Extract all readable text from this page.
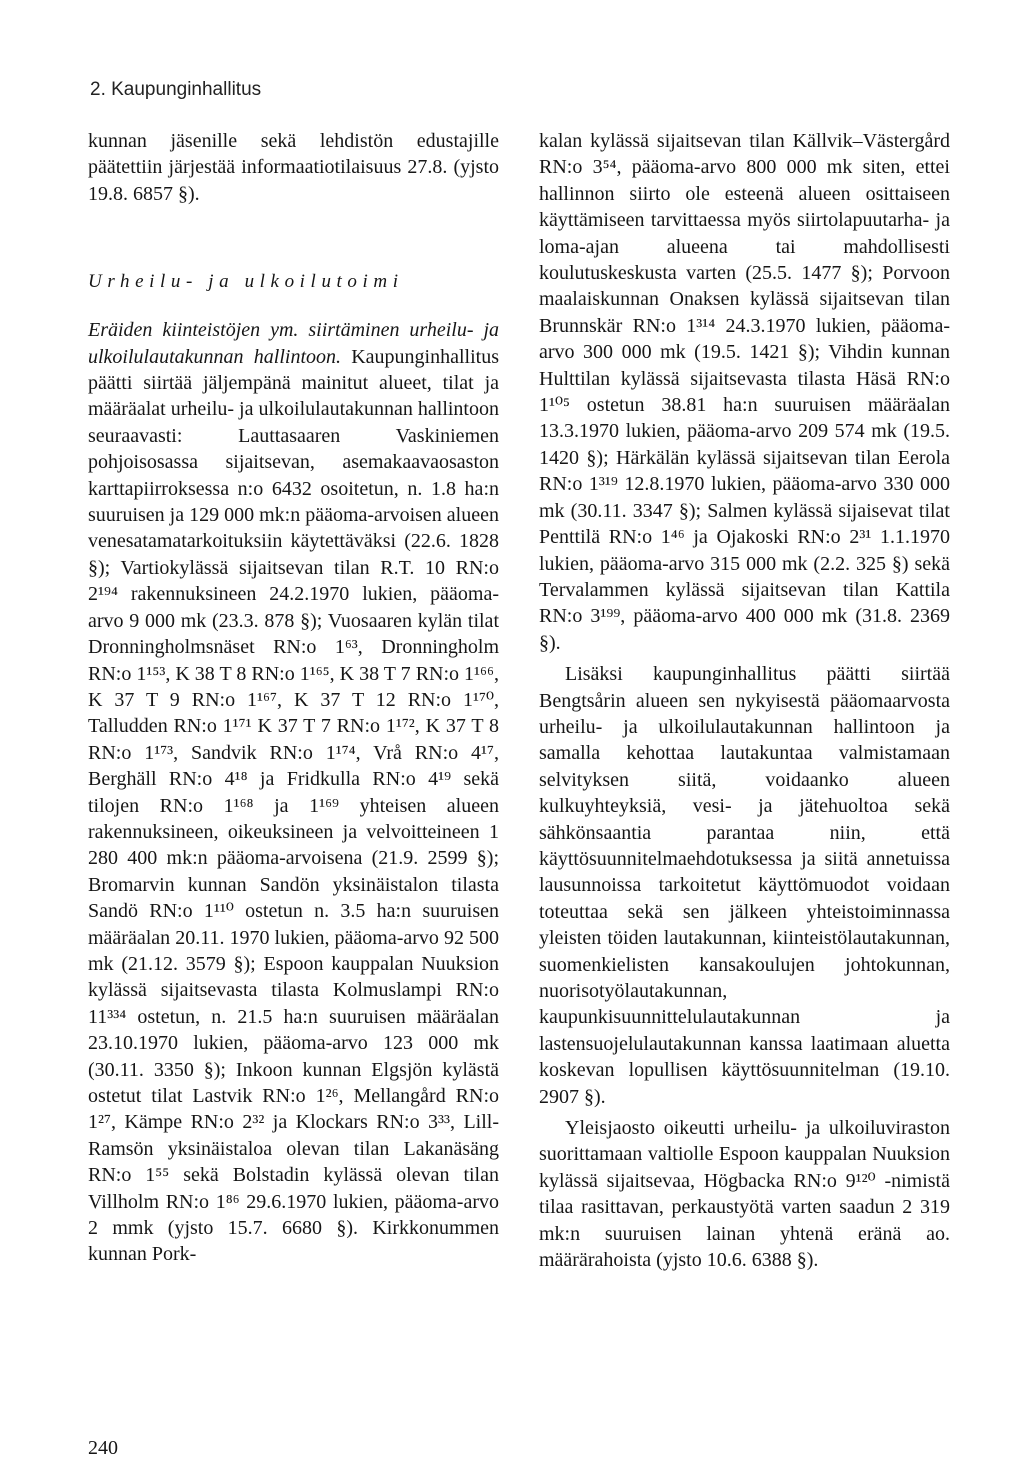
2. Kaupunginhallitus

kunnan jäsenille sekä lehdistön edustajille päätettiin järjestää informaatiotilaisuus 27.8. (yjsto 19.8. 6857 §).

Urheilu- ja ulkoilutoimi

Eräiden kiinteistöjen ym. siirtäminen urheilu- ja ulkoilulautakunnan hallintoon. Kaupunginhallitus päätti siirtää jäljempänä mainitut alueet, tilat ja määräalat urheilu- ja ulkoilulautakunnan hallintoon seuraavasti: Lauttasaaren Vaskiniemen pohjoisosassa sijaitsevan, asemakaavaosaston karttapiirroksessa n:o 6432 osoitetun, n. 1.8 ha:n suuruisen ja 129 000 mk:n pääoma-arvoisen alueen venesatamatarkoituksiin käytettäväksi (22.6. 1828 §); Vartiokylässä sijaitsevan tilan R.T. 10 RN:o 2¹⁹⁴ rakennuksineen 24.2.1970 lukien, pääoma-arvo 9 000 mk (23.3. 878 §); Vuosaaren kylän tilat Dronningholmsnäset RN:o 1⁶³, Dronningholm RN:o 1¹⁵³, K 38 T 8 RN:o 1¹⁶⁵, K 38 T 7 RN:o 1¹⁶⁶, K 37 T 9 RN:o 1¹⁶⁷, K 37 T 12 RN:o 1¹⁷⁰, Talludden RN:o 1¹⁷¹ K 37 T 7 RN:o 1¹⁷², K 37 T 8 RN:o 1¹⁷³, Sandvik RN:o 1¹⁷⁴, Vrå RN:o 4¹⁷, Berghäll RN:o 4¹⁸ ja Fridkulla RN:o 4¹⁹ sekä tilojen RN:o 1¹⁶⁸ ja 1¹⁶⁹ yhteisen alueen rakennuksineen, oikeuksineen ja velvoitteineen 1 280 400 mk:n pääoma-arvoisena (21.9. 2599 §); Bromarvin kunnan Sandön yksinäistalon tilasta Sandö RN:o 1¹¹⁰ ostetun n. 3.5 ha:n suuruisen määräalan 20.11. 1970 lukien, pääoma-arvo 92 500 mk (21.12. 3579 §); Espoon kauppalan Nuuksion kylässä sijaitsevasta tilasta Kolmuslampi RN:o 11³³⁴ ostetun, n. 21.5 ha:n suuruisen määräalan 23.10.1970 lukien, pääoma-arvo 123 000 mk (30.11. 3350 §); Inkoon kunnan Elgsjön kylästä ostetut tilat Lastvik RN:o 1²⁶, Mellangård RN:o 1²⁷, Kämpe RN:o 2³² ja Klockars RN:o 3³³, Lill-Ramsön yksinäistaloa olevan tilan Lakanäsäng RN:o 1⁵⁵ sekä Bolstadin kylässä olevan tilan Villholm RN:o 1⁸⁶ 29.6.1970 lukien, pääoma-arvo 2 mmk (yjsto 15.7. 6680 §). Kirkkonummen kunnan Pork-

kalan kylässä sijaitsevan tilan Källvik–Västergård RN:o 3⁵⁴, pääoma-arvo 800 000 mk siten, ettei hallinnon siirto ole esteenä alueen osittaiseen käyttämiseen tarvittaessa myös siirtolapuutarha- ja loma-ajan alueena tai mahdollisesti koulutuskeskusta varten (25.5. 1477 §); Porvoon maalaiskunnan Onaksen kylässä sijaitsevan tilan Brunnskär RN:o 1³¹⁴ 24.3.1970 lukien, pääoma-arvo 300 000 mk (19.5. 1421 §); Vihdin kunnan Hulttilan kylässä sijaitsevasta tilasta Häsä RN:o 1¹⁰⁵ ostetun 38.81 ha:n suuruisen määräalan 13.3.1970 lukien, pääoma-arvo 209 574 mk (19.5. 1420 §); Härkälän kylässä sijaitsevan tilan Eerola RN:o 1³¹⁹ 12.8.1970 lukien, pääoma-arvo 330 000 mk (30.11. 3347 §); Salmen kylässä sijaisevat tilat Penttilä RN:o 1⁴⁶ ja Ojakoski RN:o 2³¹ 1.1.1970 lukien, pääoma-arvo 315 000 mk (2.2. 325 §) sekä Tervalammen kylässä sijaitsevan tilan Kattila RN:o 3¹⁹⁹, pääoma-arvo 400 000 mk (31.8. 2369 §).

Lisäksi kaupunginhallitus päätti siirtää Bengtsårin alueen sen nykyisestä pääomaarvosta urheilu- ja ulkoilulautakunnan hallintoon ja samalla kehottaa lautakuntaa valmistamaan selvityksen siitä, voidaanko alueen kulkuyhteyksiä, vesi- ja jätehuoltoa sekä sähkönsaantia parantaa niin, että käyttösuunnitelmaehdotuksessa ja siitä annetuissa lausunnoissa tarkoitetut käyttömuodot voidaan toteuttaa sekä sen jälkeen yhteistoiminnassa yleisten töiden lautakunnan, kiinteistölautakunnan, suomenkielisten kansakoulujen johtokunnan, nuorisotyölautakunnan, kaupunkisuunnittelulautakunnan ja lastensuojelulautakunnan kanssa laatimaan aluetta koskevan lopullisen käyttösuunnitelman (19.10. 2907 §).

Yleisjaosto oikeutti urheilu- ja ulkoiluviraston suorittamaan valtiolle Espoon kauppalan Nuuksion kylässä sijaitsevaa, Högbacka RN:o 9¹²⁰ -nimistä tilaa rasittavan, perkaustyötä varten saadun 2 319 mk:n suuruisen lainan yhtenä eränä ao. määrärahoista (yjsto 10.6. 6388 §).

240
